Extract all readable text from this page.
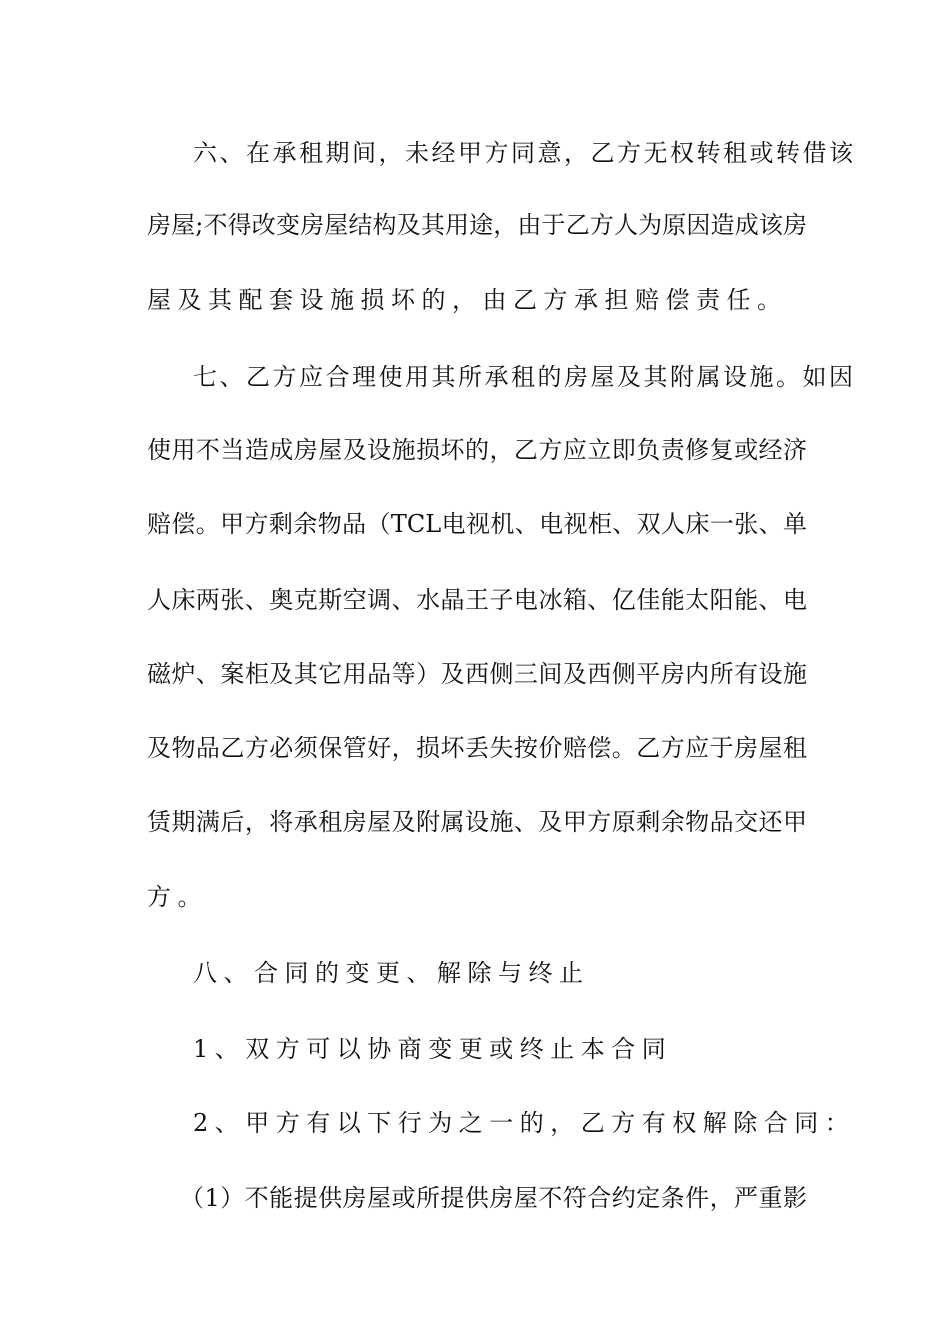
六、在承租期间，未经甲方同意，乙方无权转租或转借该
房屋;不得改变房屋结构及其用途，由于乙方人为原因造成该房
屋及其配套设施损坏的，由乙方承担赔偿责任。
七、乙方应合理使用其所承租的房屋及其附属设施。如因
使用不当造成房屋及设施损坏的，乙方应立即负责修复或经济
赔偿。甲方剩余物品（TCL电视机、电视柜、双人床一张、单
人床两张、奥克斯空调、水晶王子电冰箱、亿佳能太阳能、电
磁炉、案柜及其它用品等）及西侧三间及西侧平房内所有设施
及物品乙方必须保管好，损坏丢失按价赔偿。乙方应于房屋租
赁期满后，将承租房屋及附属设施、及甲方原剩余物品交还甲
方。
八、合同的变更、解除与终止
1、双方可以协商变更或终止本合同
2、甲方有以下行为之一的，乙方有权解除合同：
（1）不能提供房屋或所提供房屋不符合约定条件，严重影
